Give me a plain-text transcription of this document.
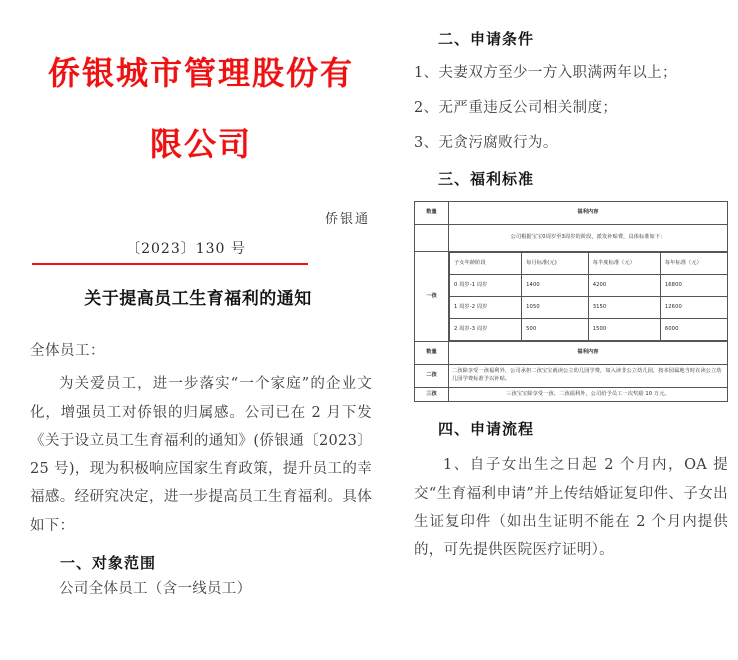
侨银城市管理股份有
限公司
侨银通
〔2023〕130 号
关于提高员工生育福利的通知
全体员工：
为关爱员工，进一步落实“一个家庭”的企业文化，增强员工对侨银的归属感。公司已在 2 月下发《关于设立员工生育福利的通知》(侨银通〔2023〕25 号)，现为积极响应国家生育政策，提升员工的幸福感。经研究决定，进一步提高员工生育福利。具体如下：
一、对象范围
公司全体员工（含一线员工）
二、申请条件
1、夫妻双方至少一方入职满两年以上；
2、无严重违反公司相关制度；
3、无贪污腐败行为。
三、福利标准
数量	福利内容
	公司根据宝宝0周岁至3周岁的阶段，派发补贴费，具体标准如下：
一孩	
子女年龄阶段	每月标准(元)	每半度标准（元）	每年标准（元）
0 周岁-1 周岁	1400	4200	16800
1 周岁-2 周岁	1050	3150	12600
2 周岁-3 周岁	500	1500	6000

数量	福利内容
二孩	二孩除享受一孩福利外，公司承担二孩宝宝就读公立幼儿园学费，如入读非公立幼儿园，按本园属地当时在读公立幼儿园学费标准予以补贴。
三孩	三孩宝宝除享受一孩、二孩福利外，公司给予员工一次奖励 10 万元。
四、申请流程
1、自子女出生之日起 2 个月内，OA 提交“生育福利申请”并上传结婚证复印件、子女出生证复印件（如出生证明不能在 2 个月内提供的，可先提供医院医疗证明）。
